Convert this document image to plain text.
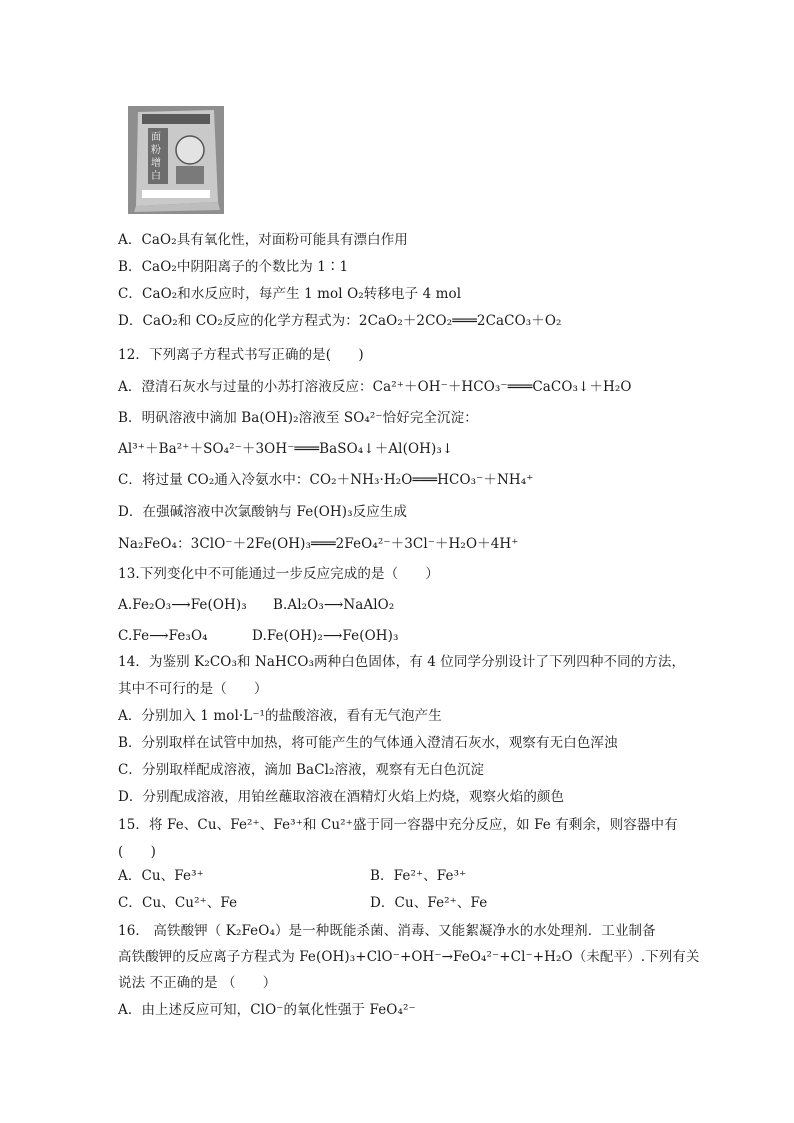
面
粉
增
白
A．CaO₂具有氧化性，对面粉可能具有漂白作用
B．CaO₂中阴阳离子的个数比为 1∶1
C．CaO₂和水反应时，每产生 1 mol O₂转移电子 4 mol
D．CaO₂和 CO₂反应的化学方程式为：2CaO₂＋2CO₂═══2CaCO₃＋O₂
12．下列离子方程式书写正确的是(　　)
A．澄清石灰水与过量的小苏打溶液反应：Ca²⁺＋OH⁻＋HCO₃⁻═══CaCO₃↓＋H₂O
B．明矾溶液中滴加 Ba(OH)₂溶液至 SO₄²⁻恰好完全沉淀：
Al³⁺＋Ba²⁺＋SO₄²⁻＋3OH⁻═══BaSO₄↓＋Al(OH)₃↓
C．将过量 CO₂通入冷氨水中：CO₂＋NH₃·H₂O═══HCO₃⁻＋NH₄⁺
D．在强碱溶液中次氯酸钠与 Fe(OH)₃反应生成
Na₂FeO₄：3ClO⁻＋2Fe(OH)₃═══2FeO₄²⁻＋3Cl⁻＋H₂O＋4H⁺
13.下列变化中不可能通过一步反应完成的是（　　）
A.Fe₂O₃⟶Fe(OH)₃ B.Al₂O₃⟶NaAlO₂
C.Fe⟶Fe₃O₄	D.Fe(OH)₂⟶Fe(OH)₃
14．为鉴别 K₂CO₃和 NaHCO₃两种白色固体，有 4 位同学分别设计了下列四种不同的方法，
其中不可行的是（　　）
A．分别加入 1 mol·L⁻¹的盐酸溶液，看有无气泡产生
B．分别取样在试管中加热，将可能产生的气体通入澄清石灰水，观察有无白色浑浊
C．分别取样配成溶液，滴加 BaCl₂溶液，观察有无白色沉淀
D．分别配成溶液，用铂丝蘸取溶液在酒精灯火焰上灼烧，观察火焰的颜色
15．将 Fe、Cu、Fe²⁺、Fe³⁺和 Cu²⁺盛于同一容器中充分反应，如 Fe 有剩余，则容器中有
(　　)
A．Cu、Fe³⁺	B．Fe²⁺、Fe³⁺
C．Cu、Cu²⁺、Fe	D．Cu、Fe²⁺、Fe
16． 高铁酸钾（ K₂FeO₄）是一种既能杀菌、消毒、又能絮凝净水的水处理剂．工业制备
高铁酸钾的反应离子方程式为 Fe(OH)₃+ClO⁻+OH⁻→FeO₄²⁻+Cl⁻+H₂O（未配平）.下列有关
说法 不正确的是 （　　）
A．由上述反应可知，ClO⁻的氧化性强于 FeO₄²⁻
